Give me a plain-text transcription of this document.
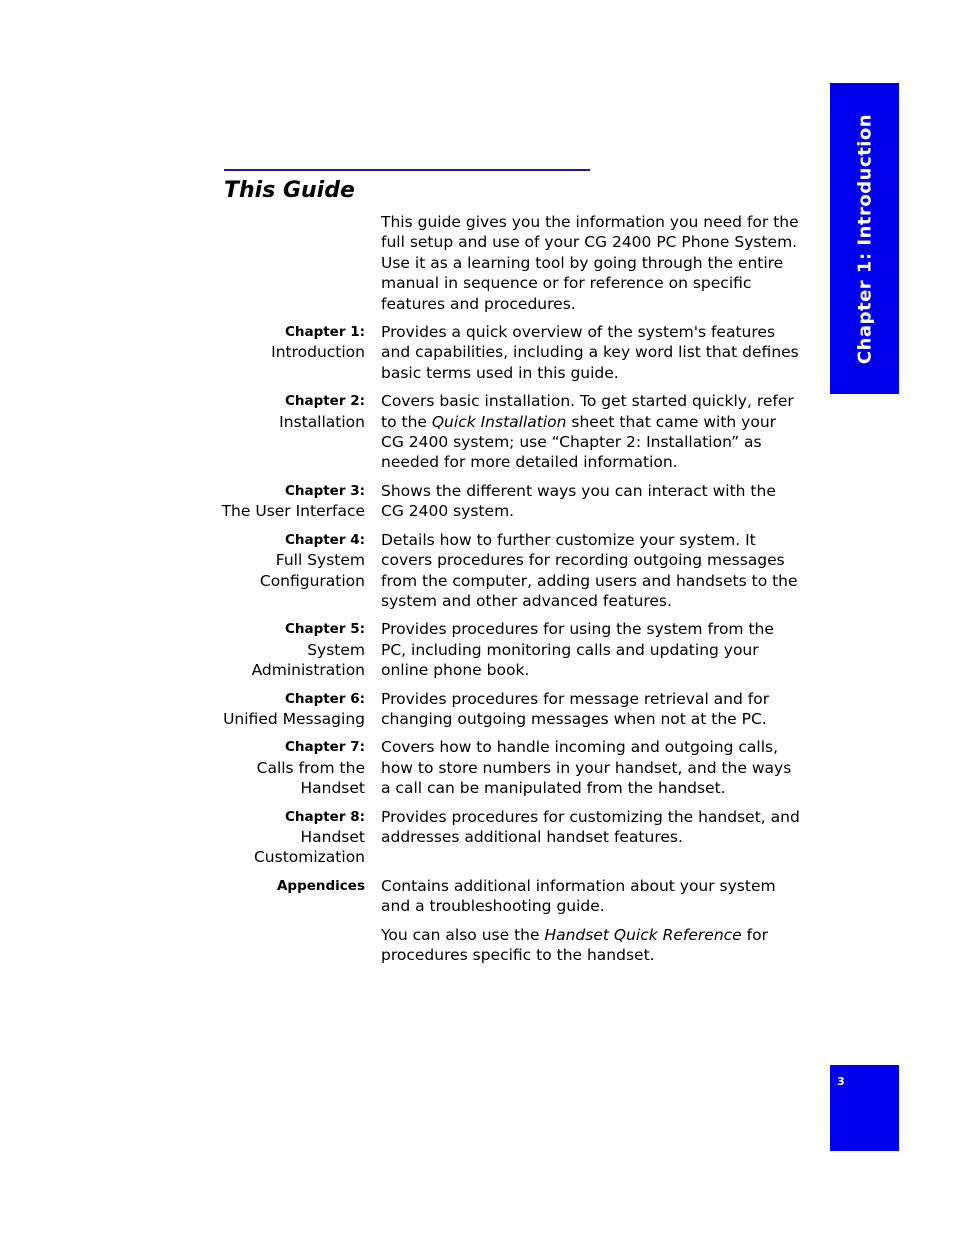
Chapter 1: Introduction
This Guide

This guide gives you the information you need for the full setup and use of your CG 2400 PC Phone System. Use it as a learning tool by going through the entire manual in sequence or for reference on specific features and procedures.

Chapter 1:
Introduction
Provides a quick overview of the system's features and capabilities, including a key word list that defines basic terms used in this guide.
Chapter 2:
Installation
Covers basic installation. To get started quickly, refer to the Quick Installation sheet that came with your CG 2400 system; use “Chapter 2: Installation” as needed for more detailed information.
Chapter 3:
The User Interface
Shows the different ways you can interact with the CG 2400 system.
Chapter 4:
Full System
Configuration
Details how to further customize your system. It covers procedures for recording outgoing messages from the computer, adding users and handsets to the system and other advanced features.
Chapter 5:
System
Administration
Provides procedures for using the system from the PC, including monitoring calls and updating your online phone book.
Chapter 6:
Unified Messaging
Provides procedures for message retrieval and for changing outgoing messages when not at the PC.
Chapter 7:
Calls from the
Handset
Covers how to handle incoming and outgoing calls, how to store numbers in your handset, and the ways a call can be manipulated from the handset.
Chapter 8:
Handset
Customization
Provides procedures for customizing the handset, and addresses additional handset features.
Appendices Contains additional information about your system and a troubleshooting guide.

You can also use the Handset Quick Reference for procedures specific to the handset.

3
